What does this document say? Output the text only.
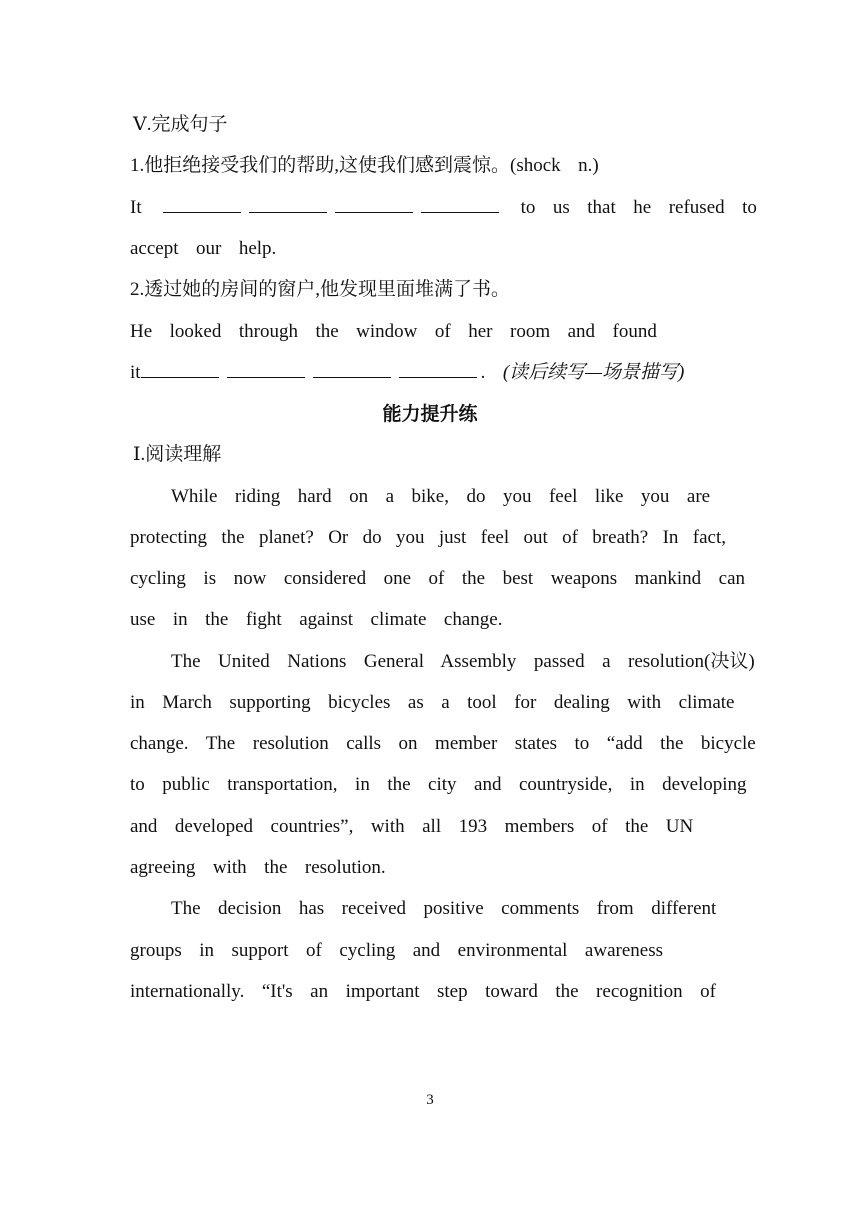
Ⅴ.完成句子
1.他拒绝接受我们的帮助,这使我们感到震惊。(shock  n.)
It	to  us  that  he  refused  to
accept  our  help.
2.透过她的房间的窗户,他发现里面堆满了书。
He  looked  through  the  window  of  her  room  and  found
it	. (读后续写—场景描写)
能力提升练
Ⅰ.阅读理解
While  riding  hard  on  a  bike,  do  you  feel  like  you  are
protecting the planet? Or do you just feel out of breath? In fact,
cycling  is  now  considered  one  of  the  best  weapons  mankind  can
use  in  the  fight  against  climate  change.
The  United  Nations  General  Assembly  passed  a  resolution(决议)
in  March  supporting  bicycles  as  a  tool  for  dealing  with  climate
change.  The  resolution  calls  on  member  states  to  “add  the  bicycle
to  public  transportation,  in  the  city  and  countryside,  in  developing
and  developed  countries”,  with  all  193  members  of  the  UN
agreeing  with  the  resolution.
The  decision  has  received  positive  comments  from  different
groups  in  support  of  cycling  and  environmental  awareness
internationally.  “It's  an  important  step  toward  the  recognition  of
3
